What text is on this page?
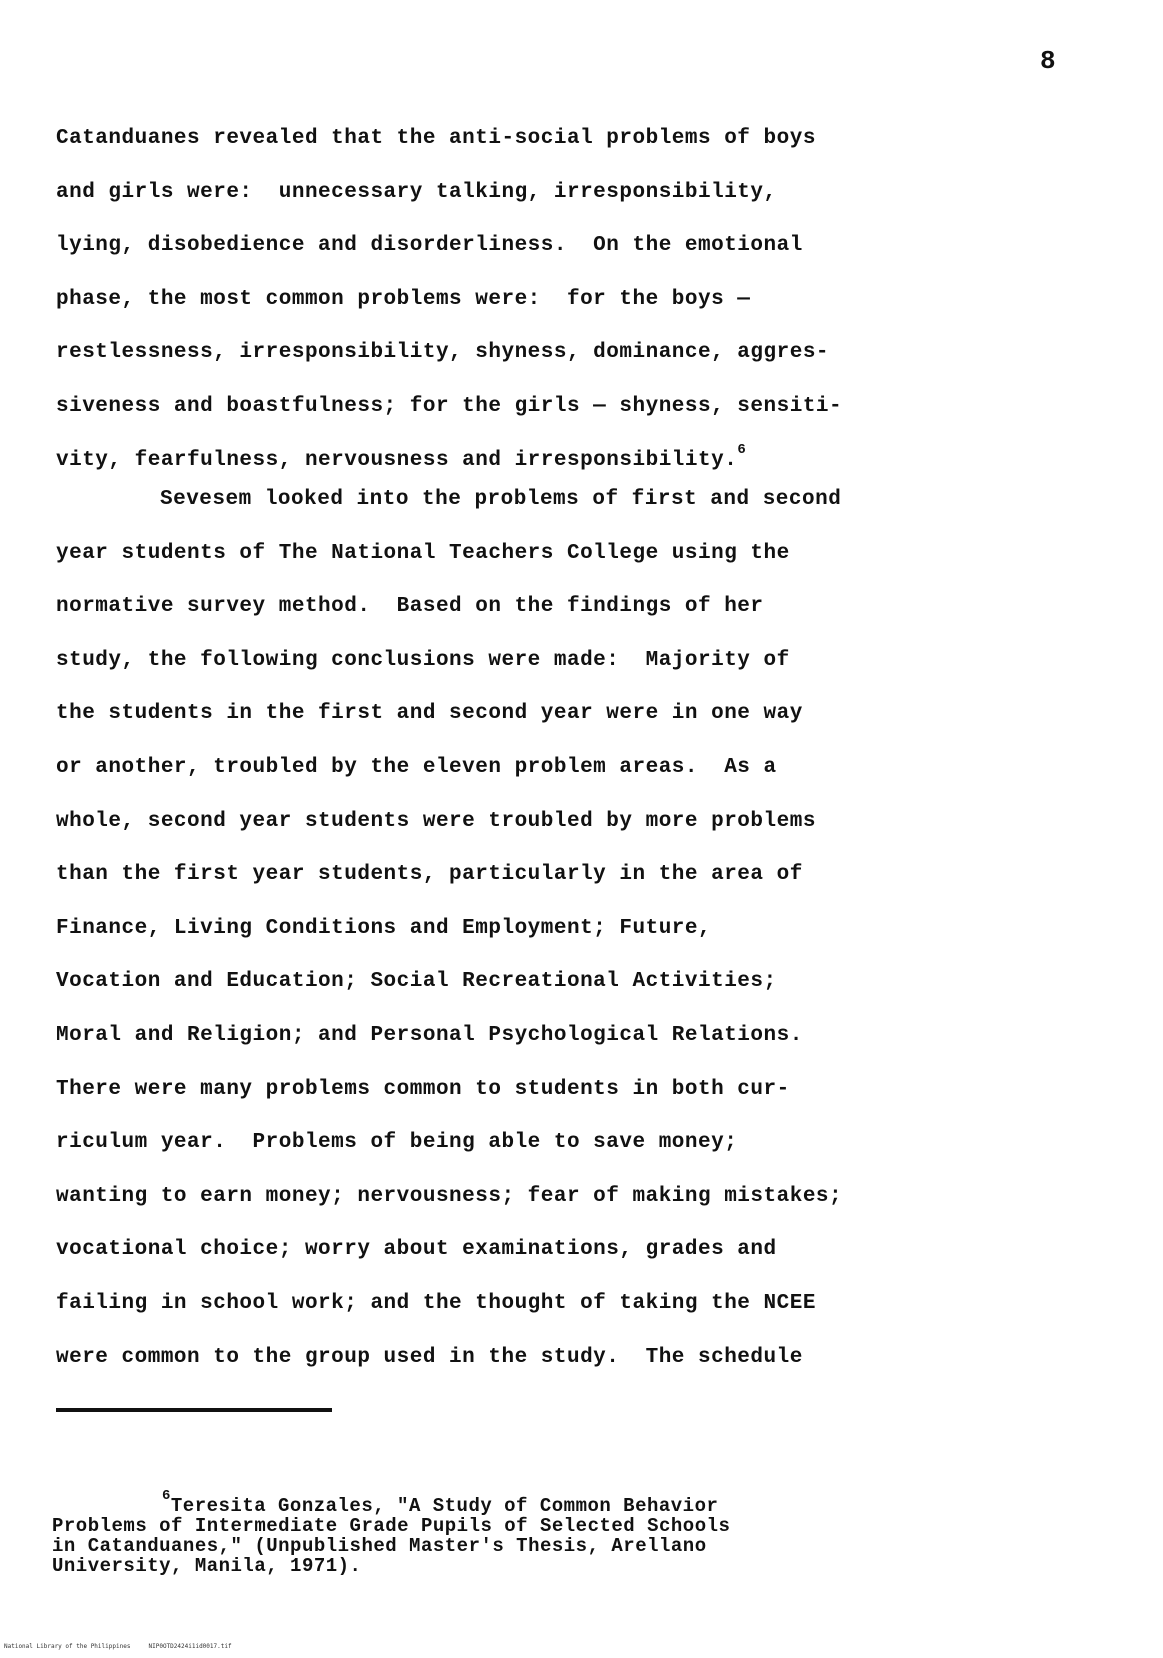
8
Catanduanes revealed that the anti-social problems of boys
and girls were:  unnecessary talking, irresponsibility,
lying, disobedience and disorderliness.  On the emotional
phase, the most common problems were:  for the boys —
restlessness, irresponsibility, shyness, dominance, aggres-
siveness and boastfulness; for the girls — shyness, sensiti-
vity, fearfulness, nervousness and irresponsibility.$^6$
Sevesem looked into the problems of first and second
year students of The National Teachers College using the
normative survey method.  Based on the findings of her
study, the following conclusions were made:  Majority of
the students in the first and second year were in one way
or another, troubled by the eleven problem areas.  As a
whole, second year students were troubled by more problems
than the first year students, particularly in the area of
Finance, Living Conditions and Employment; Future,
Vocation and Education; Social Recreational Activities;
Moral and Religion; and Personal Psychological Relations.
There were many problems common to students in both cur-
riculum year.  Problems of being able to save money;
wanting to earn money; nervousness; fear of making mistakes;
vocational choice; worry about examinations, grades and
failing in school work; and the thought of taking the NCEE
were common to the group used in the study.  The schedule
$^6$Teresita Gonzales, "A Study of Common Behavior
Problems of Intermediate Grade Pupils of Selected Schools
in Catanduanes," (Unpublished Master's Thesis, Arellano
University, Manila, 1971).
National Library of the Philippines     NIP0OTD2424i1id0017.tif
